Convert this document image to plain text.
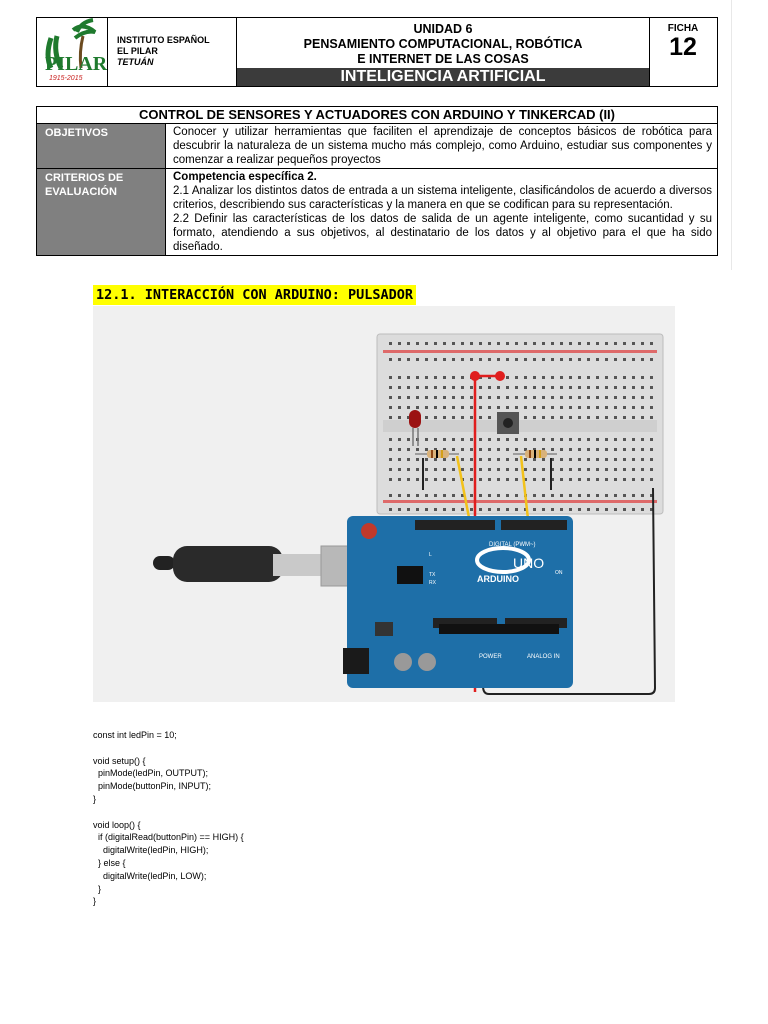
PILAR
1915-2015
INSTITUTO ESPAÑOL
EL PILAR
TETUÁN
UNIDAD 6
PENSAMIENTO COMPUTACIONAL, ROBÓTICA
E INTERNET DE LAS COSAS
INTELIGENCIA ARTIFICIAL
FICHA
12
CONTROL DE SENSORES Y ACTUADORES CON ARDUINO Y TINKERCAD (II)
OBJETIVOS	Conocer y utilizar herramientas que faciliten el aprendizaje de conceptos básicos de robótica para descubrir la naturaleza de un sistema mucho más complejo, como Arduino, estudiar sus componentes y comenzar a realizar pequeños proyectos
CRITERIOS DE
EVALUACIÓN
Competencia específica 2.
2.1 Analizar los distintos datos de entrada a un sistema inteligente, clasificándolos de acuerdo a diversos criterios, describiendo sus características y la manera en que se codifican para su representación.
2.2 Definir las características de los datos de salida de un agente inteligente, como sucantidad y su formato, atendiendo a sus objetivos, al destinatario de los datos y al objetivo para el que ha sido diseñado.
12.1. INTERACCIÓN CON ARDUINO: PULSADOR
ARDUINO
UNO
DIGITAL (PWM~)
POWER	ANALOG IN
ON
TX
RX
L
const int ledPin = 10;

void setup() {
pinMode(ledPin, OUTPUT);
pinMode(buttonPin, INPUT);
}

void loop() {
if (digitalRead(buttonPin) == HIGH) {
digitalWrite(ledPin, HIGH);
} else {
digitalWrite(ledPin, LOW);
}
}
